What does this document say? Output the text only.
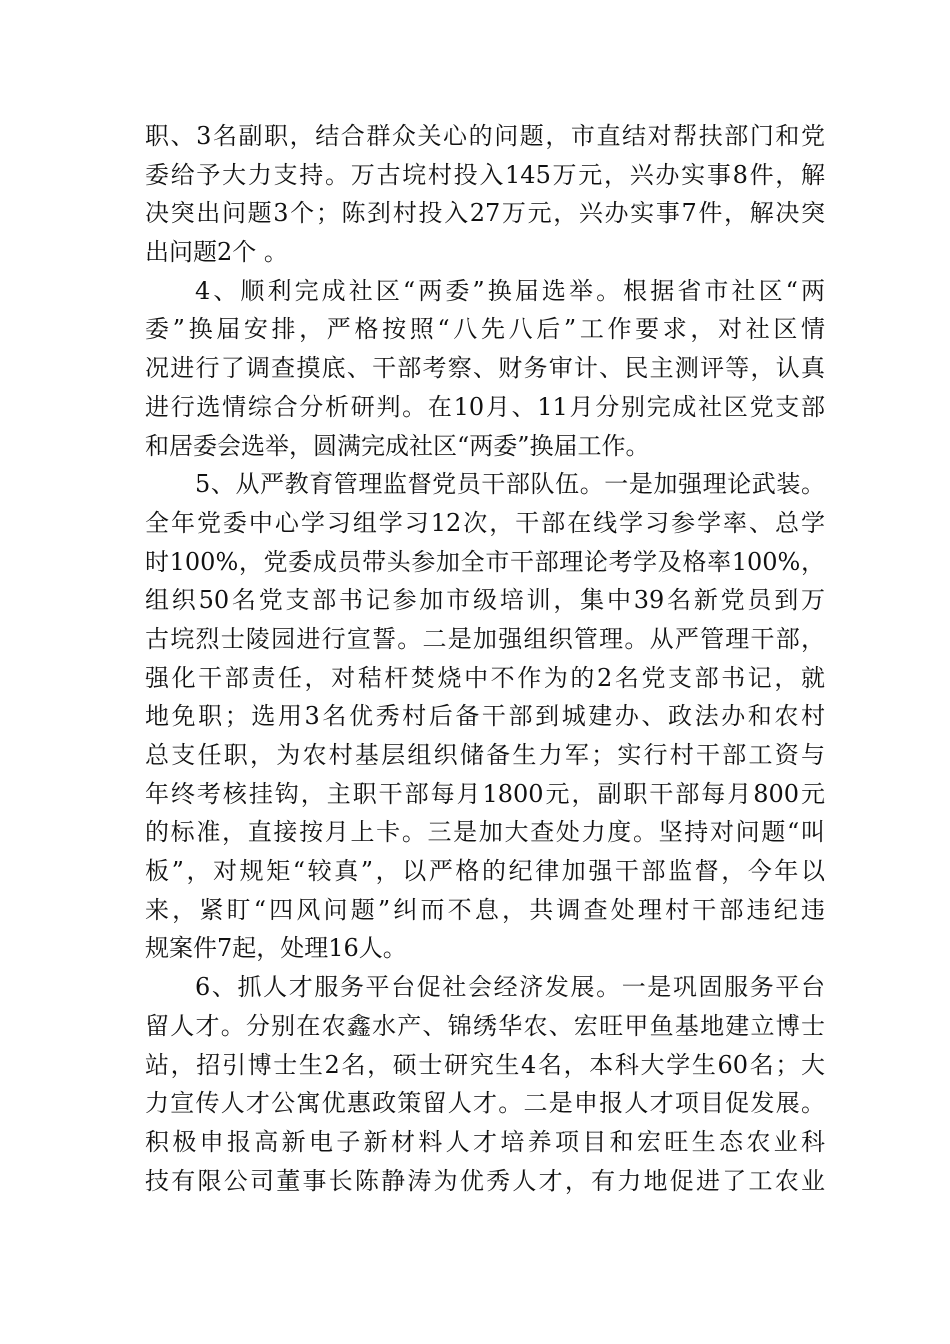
职、3名副职，结合群众关心的问题，市直结对帮扶部门和党
委给予大力支持。万古垸村投入145万元，兴办实事8件，解
决突出问题3个；陈刭村投入27万元，兴办实事7件，解决突
出问题2个 。
4、顺利完成社区“两委”换届选举。根据省市社区“两
委”换届安排，严格按照“八先八后”工作要求，对社区情
况进行了调查摸底、干部考察、财务审计、民主测评等，认真
进行选情综合分析研判。在10月、11月分别完成社区党支部
和居委会选举，圆满完成社区“两委”换届工作。
5、从严教育管理监督党员干部队伍。一是加强理论武装。
全年党委中心学习组学习12次，干部在线学习参学率、总学
时100%，党委成员带头参加全市干部理论考学及格率100%，
组织50名党支部书记参加市级培训，集中39名新党员到万
古垸烈士陵园进行宣誓。二是加强组织管理。从严管理干部，
强化干部责任，对秸杆焚烧中不作为的2名党支部书记，就
地免职；选用3名优秀村后备干部到城建办、政法办和农村
总支任职，为农村基层组织储备生力军；实行村干部工资与
年终考核挂钩，主职干部每月1800元，副职干部每月800元
的标准，直接按月上卡。三是加大查处力度。坚持对问题“叫
板”，对规矩“较真”，以严格的纪律加强干部监督，今年以
来，紧盯“四风问题”纠而不息，共调查处理村干部违纪违
规案件7起，处理16人。
6、抓人才服务平台促社会经济发展。一是巩固服务平台
留人才。分别在农鑫水产、锦绣华农、宏旺甲鱼基地建立博士
站，招引博士生2名，硕士研究生4名，本科大学生60名；大
力宣传人才公寓优惠政策留人才。二是申报人才项目促发展。
积极申报高新电子新材料人才培养项目和宏旺生态农业科
技有限公司董事长陈静涛为优秀人才，有力地促进了工农业
